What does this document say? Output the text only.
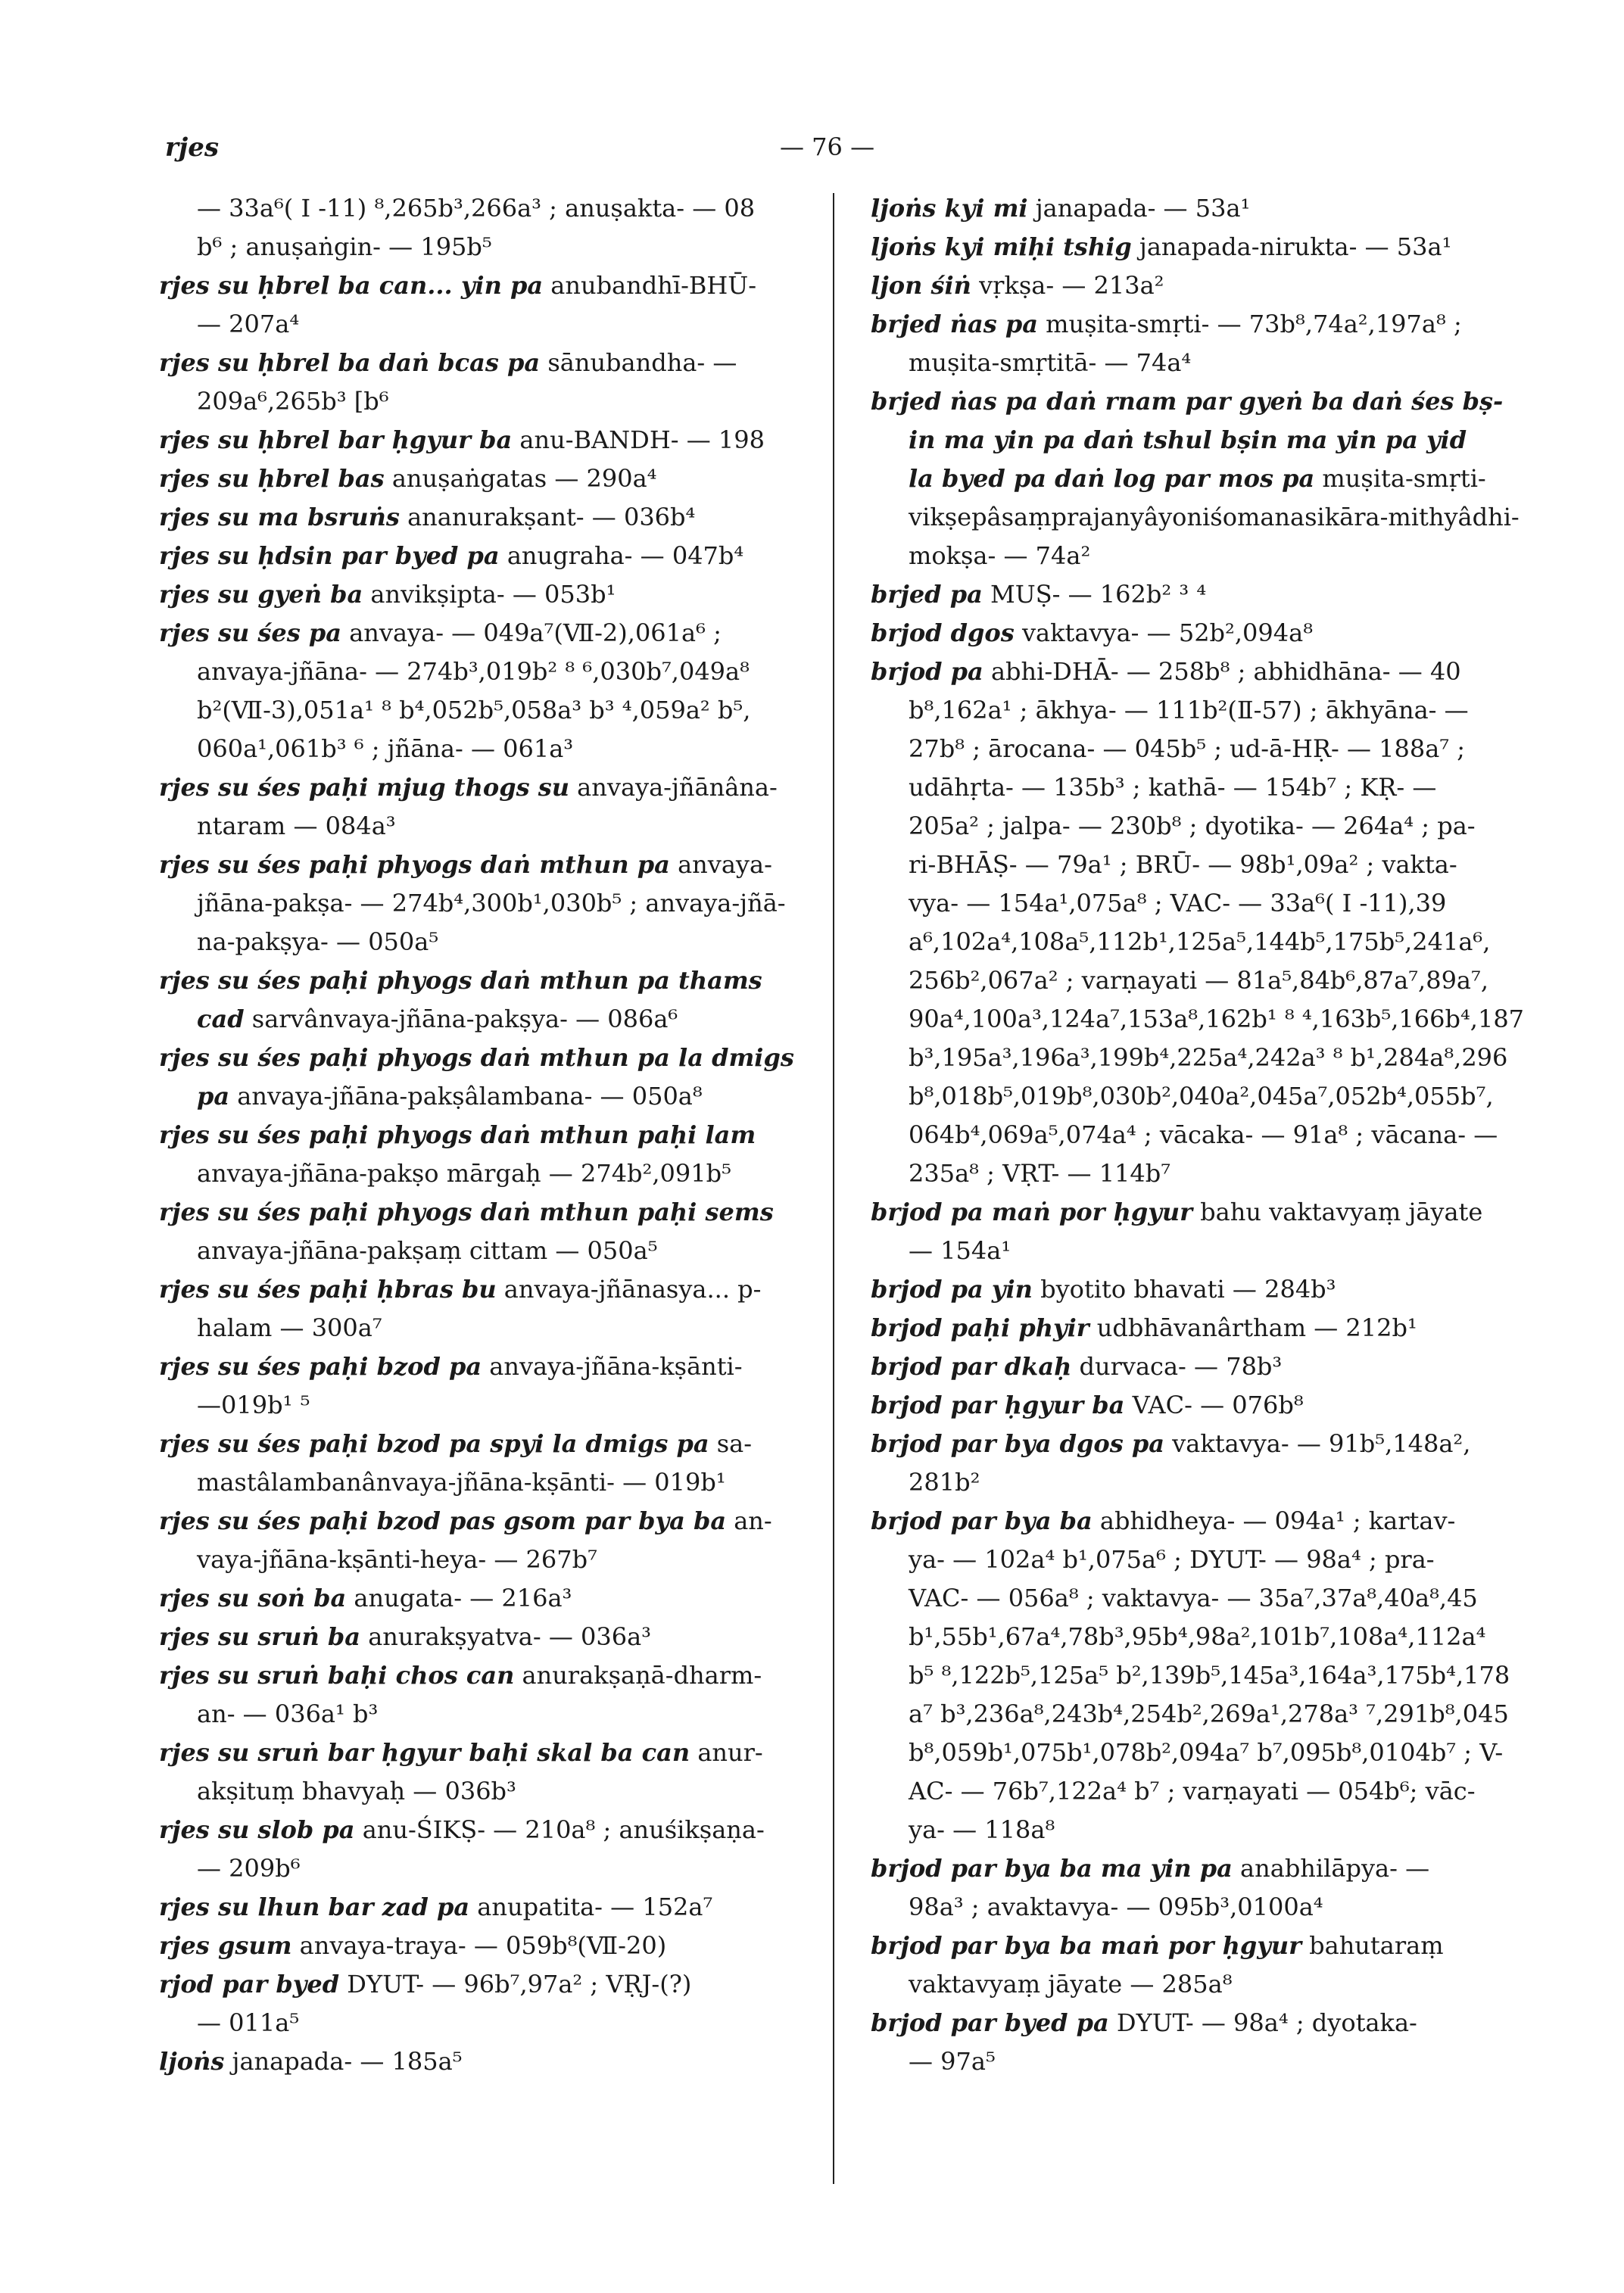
rjes	— 76 —
— 33a⁶( I -11) ⁸,265b³,266a³ ; anuṣakta- — 08
b⁶ ; anuṣaṅgin- — 195b⁵
rjes su ḥbrel ba can... yin pa anubandhī-BHŪ-
— 207a⁴
rjes su ḥbrel ba daṅ bcas pa sānubandha- —
209a⁶,265b³ [b⁶
rjes su ḥbrel bar ḥgyur ba anu-BANDH- — 198
rjes su ḥbrel bas anuṣaṅgatas — 290a⁴
rjes su ma bsruṅs ananurakṣant- — 036b⁴
rjes su ḥdsin par byed pa anugraha- — 047b⁴
rjes su gyeṅ ba anvikṣipta- — 053b¹
rjes su śes pa anvaya- — 049a⁷(Ⅶ-2),061a⁶ ;
anvaya-jñāna- — 274b³,019b² ⁸ ⁶,030b⁷,049a⁸
b²(Ⅶ-3),051a¹ ⁸ b⁴,052b⁵,058a³ b³ ⁴,059a² b⁵,
060a¹,061b³ ⁶ ; jñāna- — 061a³
rjes su śes paḥi mjug thogs su anvaya-jñānâna-
ntaram — 084a³
rjes su śes paḥi phyogs daṅ mthun pa anvaya-
jñāna-pakṣa- — 274b⁴,300b¹,030b⁵ ; anvaya-jñā-
na-pakṣya- — 050a⁵
rjes su śes paḥi phyogs daṅ mthun pa thams
cad sarvânvaya-jñāna-pakṣya- — 086a⁶
rjes su śes paḥi phyogs daṅ mthun pa la dmigs
pa anvaya-jñāna-pakṣâlambana- — 050a⁸
rjes su śes paḥi phyogs daṅ mthun paḥi lam
anvaya-jñāna-pakṣo mārgaḥ — 274b²,091b⁵
rjes su śes paḥi phyogs daṅ mthun paḥi sems
anvaya-jñāna-pakṣaṃ cittam — 050a⁵
rjes su śes paḥi ḥbras bu anvaya-jñānasya... p-
halam — 300a⁷
rjes su śes paḥi bzod pa anvaya-jñāna-kṣānti-
—019b¹ ⁵
rjes su śes paḥi bzod pa spyi la dmigs pa sa-
mastâlambanânvaya-jñāna-kṣānti- — 019b¹
rjes su śes paḥi bzod pas gsom par bya ba an-
vaya-jñāna-kṣānti-heya- — 267b⁷
rjes su soṅ ba anugata- — 216a³
rjes su sruṅ ba anurakṣyatva- — 036a³
rjes su sruṅ baḥi chos can anurakṣaṇā-dharm-
an- — 036a¹ b³
rjes su sruṅ bar ḥgyur baḥi skal ba can anur-
akṣituṃ bhavyaḥ — 036b³
rjes su slob pa anu-ŚIKṢ- — 210a⁸ ; anuśikṣaṇa-
— 209b⁶
rjes su lhun bar zad pa anupatita- — 152a⁷
rjes gsum anvaya-traya- — 059b⁸(Ⅶ-20)
rjod par byed DYUT- — 96b⁷,97a² ; VṚJ-(?)
— 011a⁵
ljoṅs janapada- — 185a⁵
ljoṅs kyi mi janapada- — 53a¹
ljoṅs kyi miḥi tshig janapada-nirukta- — 53a¹
ljon śiṅ vṛkṣa- — 213a²
brjed ṅas pa muṣita-smṛti- — 73b⁸,74a²,197a⁸ ;
muṣita-smṛtitā- — 74a⁴
brjed ṅas pa daṅ rnam par gyeṅ ba daṅ śes bṣ-
in ma yin pa daṅ tshul bṣin ma yin pa yid
la byed pa daṅ log par mos pa muṣita-smṛti-
vikṣepâsaṃprajanyâyoniśomanasikāra-mithyâdhi-
mokṣa- — 74a²
brjed pa MUṢ- — 162b² ³ ⁴
brjod dgos vaktavya- — 52b²,094a⁸
brjod pa abhi-DHĀ- — 258b⁸ ; abhidhāna- — 40
b⁸,162a¹ ; ākhya- — 111b²(Ⅱ-57) ; ākhyāna- —
27b⁸ ; ārocana- — 045b⁵ ; ud-ā-HṚ- — 188a⁷ ;
udāhṛta- — 135b³ ; kathā- — 154b⁷ ; KṚ- —
205a² ; jalpa- — 230b⁸ ; dyotika- — 264a⁴ ; pa-
ri-BHĀṢ- — 79a¹ ; BRŪ- — 98b¹,09a² ; vakta-
vya- — 154a¹,075a⁸ ; VAC- — 33a⁶( I -11),39
a⁶,102a⁴,108a⁵,112b¹,125a⁵,144b⁵,175b⁵,241a⁶,
256b²,067a² ; varṇayati — 81a⁵,84b⁶,87a⁷,89a⁷,
90a⁴,100a³,124a⁷,153a⁸,162b¹ ⁸ ⁴,163b⁵,166b⁴,187
b³,195a³,196a³,199b⁴,225a⁴,242a³ ⁸ b¹,284a⁸,296
b⁸,018b⁵,019b⁸,030b²,040a²,045a⁷,052b⁴,055b⁷,
064b⁴,069a⁵,074a⁴ ; vācaka- — 91a⁸ ; vācana- —
235a⁸ ; VṚT- — 114b⁷
brjod pa maṅ por ḥgyur bahu vaktavyaṃ jāyate
— 154a¹
brjod pa yin byotito bhavati — 284b³
brjod paḥi phyir udbhāvanârtham — 212b¹
brjod par dkaḥ durvaca- — 78b³
brjod par ḥgyur ba VAC- — 076b⁸
brjod par bya dgos pa vaktavya- — 91b⁵,148a²,
281b²
brjod par bya ba abhidheya- — 094a¹ ; kartav-
ya- — 102a⁴ b¹,075a⁶ ; DYUT- — 98a⁴ ; pra-
VAC- — 056a⁸ ; vaktavya- — 35a⁷,37a⁸,40a⁸,45
b¹,55b¹,67a⁴,78b³,95b⁴,98a²,101b⁷,108a⁴,112a⁴
b⁵ ⁸,122b⁵,125a⁵ b²,139b⁵,145a³,164a³,175b⁴,178
a⁷ b³,236a⁸,243b⁴,254b²,269a¹,278a³ ⁷,291b⁸,045
b⁸,059b¹,075b¹,078b²,094a⁷ b⁷,095b⁸,0104b⁷ ; V-
AC- — 76b⁷,122a⁴ b⁷ ; varṇayati — 054b⁶; vāc-
ya- — 118a⁸
brjod par bya ba ma yin pa anabhilāpya- —
98a³ ; avaktavya- — 095b³,0100a⁴
brjod par bya ba maṅ por ḥgyur bahutaraṃ
vaktavyaṃ jāyate — 285a⁸
brjod par byed pa DYUT- — 98a⁴ ; dyotaka-
— 97a⁵
